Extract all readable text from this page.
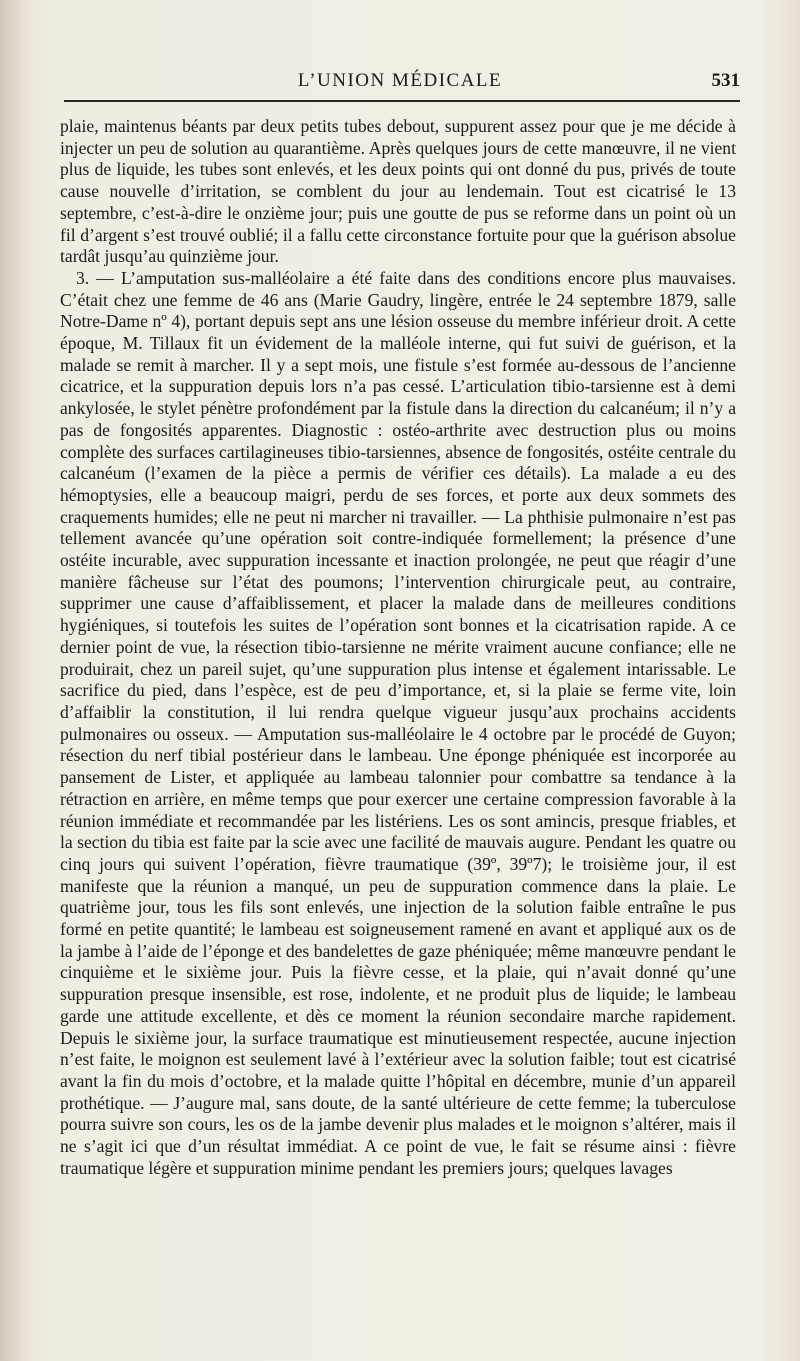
L’UNION MÉDICALE	531

plaie, maintenus béants par deux petits tubes debout, suppurent assez pour que je me décide à injecter un peu de solution au quarantième. Après quelques jours de cette manœuvre, il ne vient plus de liquide, les tubes sont enlevés, et les deux points qui ont donné du pus, privés de toute cause nouvelle d’irritation, se comblent du jour au lendemain. Tout est cicatrisé le 13 septembre, c’est-à-dire le onzième jour; puis une goutte de pus se reforme dans un point où un fil d’argent s’est trouvé oublié; il a fallu cette circonstance fortuite pour que la guérison absolue tardât jusqu’au quinzième jour.

3. — L’amputation sus-malléolaire a été faite dans des conditions encore plus mauvaises. C’était chez une femme de 46 ans (Marie Gaudry, lingère, entrée le 24 septembre 1879, salle Notre-Dame nº 4), portant depuis sept ans une lésion osseuse du membre inférieur droit. A cette époque, M. Tillaux fit un évidement de la malléole interne, qui fut suivi de guérison, et la malade se remit à marcher. Il y a sept mois, une fistule s’est formée au-dessous de l’ancienne cicatrice, et la suppuration depuis lors n’a pas cessé. L’articulation tibio-tarsienne est à demi ankylosée, le stylet pénètre profondément par la fistule dans la direction du calcanéum; il n’y a pas de fongosités apparentes. Diagnostic : ostéo-arthrite avec destruction plus ou moins complète des surfaces cartilagineuses tibio-tarsiennes, absence de fongosités, ostéite centrale du calcanéum (l’examen de la pièce a permis de vérifier ces détails). La malade a eu des hémoptysies, elle a beaucoup maigri, perdu de ses forces, et porte aux deux sommets des craquements humides; elle ne peut ni marcher ni travailler. — La phthisie pulmonaire n’est pas tellement avancée qu’une opération soit contre-indiquée formellement; la présence d’une ostéite incurable, avec suppuration incessante et inaction prolongée, ne peut que réagir d’une manière fâcheuse sur l’état des poumons; l’intervention chirurgicale peut, au contraire, supprimer une cause d’affaiblissement, et placer la malade dans de meilleures conditions hygiéniques, si toutefois les suites de l’opération sont bonnes et la cicatrisation rapide. A ce dernier point de vue, la résection tibio-tarsienne ne mérite vraiment aucune confiance; elle ne produirait, chez un pareil sujet, qu’une suppuration plus intense et également intarissable. Le sacrifice du pied, dans l’espèce, est de peu d’importance, et, si la plaie se ferme vite, loin d’affaiblir la constitution, il lui rendra quelque vigueur jusqu’aux prochains accidents pulmonaires ou osseux. — Amputation sus-malléolaire le 4 octobre par le procédé de Guyon; résection du nerf tibial postérieur dans le lambeau. Une éponge phéniquée est incorporée au pansement de Lister, et appliquée au lambeau talonnier pour combattre sa tendance à la rétraction en arrière, en même temps que pour exercer une certaine compression favorable à la réunion immédiate et recommandée par les listériens. Les os sont amincis, presque friables, et la section du tibia est faite par la scie avec une facilité de mauvais augure. Pendant les quatre ou cinq jours qui suivent l’opération, fièvre traumatique (39º, 39º7); le troisième jour, il est manifeste que la réunion a manqué, un peu de suppuration commence dans la plaie. Le quatrième jour, tous les fils sont enlevés, une injection de la solution faible entraîne le pus formé en petite quantité; le lambeau est soigneusement ramené en avant et appliqué aux os de la jambe à l’aide de l’éponge et des bandelettes de gaze phéniquée; même manœuvre pendant le cinquième et le sixième jour. Puis la fièvre cesse, et la plaie, qui n’avait donné qu’une suppuration presque insensible, est rose, indolente, et ne produit plus de liquide; le lambeau garde une attitude excellente, et dès ce moment la réunion secondaire marche rapidement. Depuis le sixième jour, la surface traumatique est minutieusement respectée, aucune injection n’est faite, le moignon est seulement lavé à l’extérieur avec la solution faible; tout est cicatrisé avant la fin du mois d’octobre, et la malade quitte l’hôpital en décembre, munie d’un appareil prothétique. — J’augure mal, sans doute, de la santé ultérieure de cette femme; la tuberculose pourra suivre son cours, les os de la jambe devenir plus malades et le moignon s’altérer, mais il ne s’agit ici que d’un résultat immédiat. A ce point de vue, le fait se résume ainsi : fièvre traumatique légère et suppuration minime pendant les premiers jours; quelques lavages
